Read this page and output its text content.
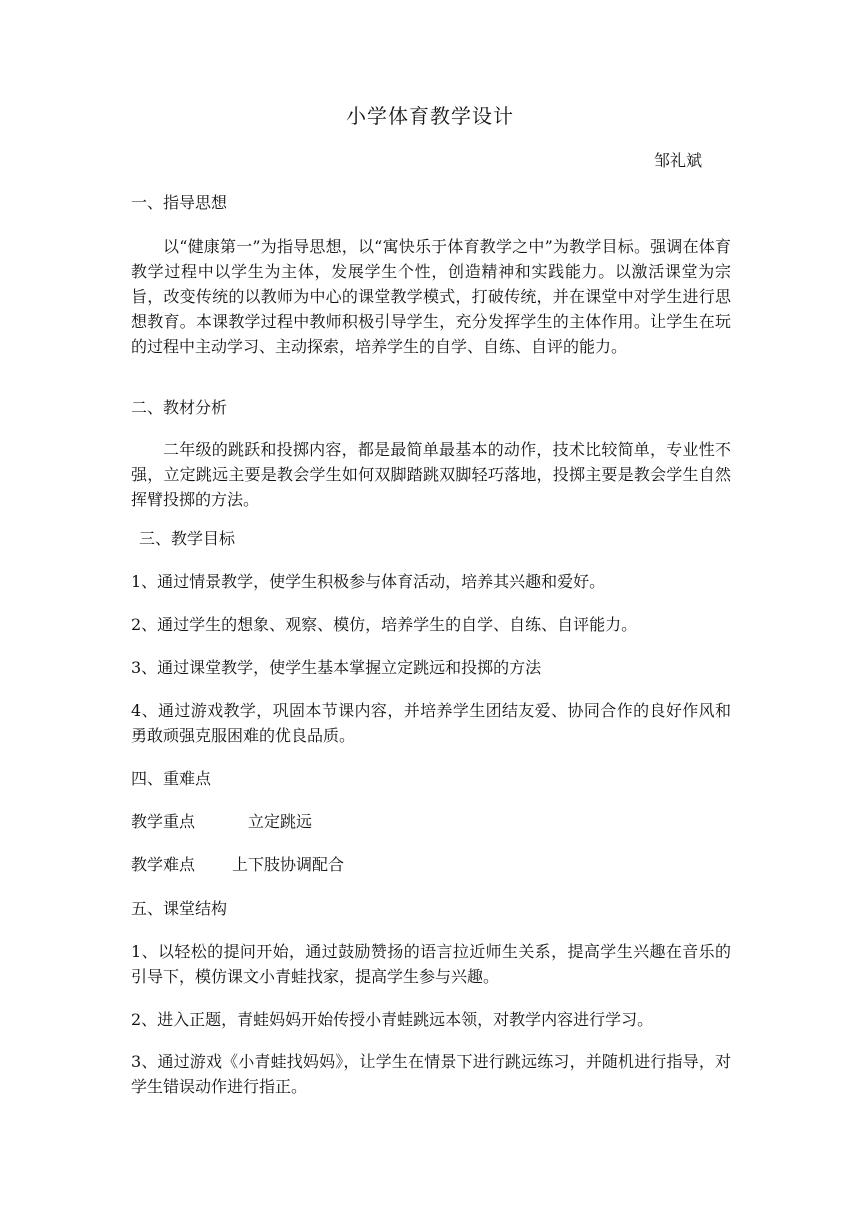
小学体育教学设计
邹礼斌
一、指导思想
以“健康第一”为指导思想，以“寓快乐于体育教学之中”为教学目标。强调在体育教学过程中以学生为主体，发展学生个性，创造精神和实践能力。以激活课堂为宗旨，改变传统的以教师为中心的课堂教学模式，打破传统，并在课堂中对学生进行思想教育。本课教学过程中教师积极引导学生，充分发挥学生的主体作用。让学生在玩的过程中主动学习、主动探索，培养学生的自学、自练、自评的能力。
二、教材分析
二年级的跳跃和投掷内容，都是最简单最基本的动作，技术比较简单，专业性不强，立定跳远主要是教会学生如何双脚踏跳双脚轻巧落地，投掷主要是教会学生自然挥臂投掷的方法。
三、教学目标
1、通过情景教学，使学生积极参与体育活动，培养其兴趣和爱好。
2、通过学生的想象、观察、模仿，培养学生的自学、自练、自评能力。
3、通过课堂教学，使学生基本掌握立定跳远和投掷的方法
4、通过游戏教学，巩固本节课内容，并培养学生团结友爱、协同合作的良好作风和勇敢顽强克服困难的优良品质。
四、重难点
教学重点	立定跳远
教学难点 上下肢协调配合
五、课堂结构
1、以轻松的提问开始，通过鼓励赞扬的语言拉近师生关系，提高学生兴趣在音乐的引导下，模仿课文小青蛙找家，提高学生参与兴趣。
2、进入正题，青蛙妈妈开始传授小青蛙跳远本领，对教学内容进行学习。
3、通过游戏《小青蛙找妈妈》，让学生在情景下进行跳远练习，并随机进行指导，对学生错误动作进行指正。
